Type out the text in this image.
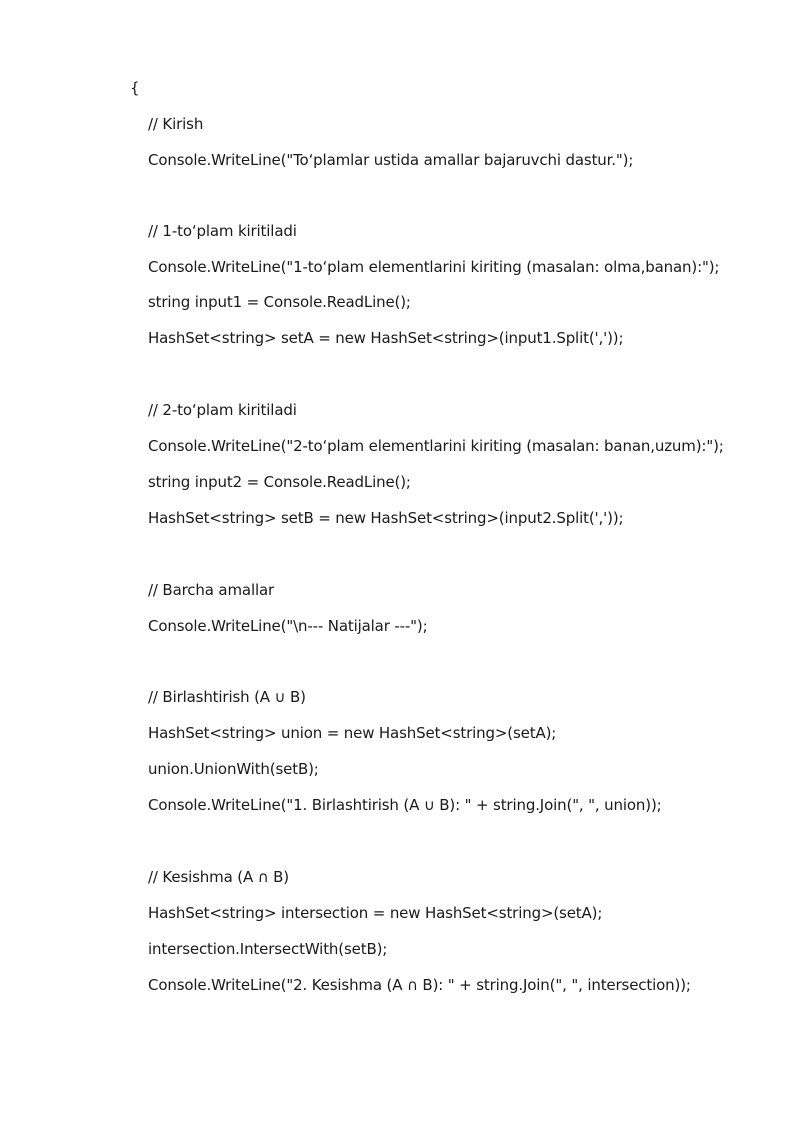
{
// Kirish
Console.WriteLine("To‘plamlar ustida amallar bajaruvchi dastur.");
// 1-to‘plam kiritiladi
Console.WriteLine("1-to‘plam elementlarini kiriting (masalan: olma,banan):");
string input1 = Console.ReadLine();
HashSet<string> setA = new HashSet<string>(input1.Split(','));
// 2-to‘plam kiritiladi
Console.WriteLine("2-to‘plam elementlarini kiriting (masalan: banan,uzum):");
string input2 = Console.ReadLine();
HashSet<string> setB = new HashSet<string>(input2.Split(','));
// Barcha amallar
Console.WriteLine("\n--- Natijalar ---");
// Birlashtirish (A ∪ B)
HashSet<string> union = new HashSet<string>(setA);
union.UnionWith(setB);
Console.WriteLine("1. Birlashtirish (A ∪ B): " + string.Join(", ", union));
// Kesishma (A ∩ B)
HashSet<string> intersection = new HashSet<string>(setA);
intersection.IntersectWith(setB);
Console.WriteLine("2. Kesishma (A ∩ B): " + string.Join(", ", intersection));
